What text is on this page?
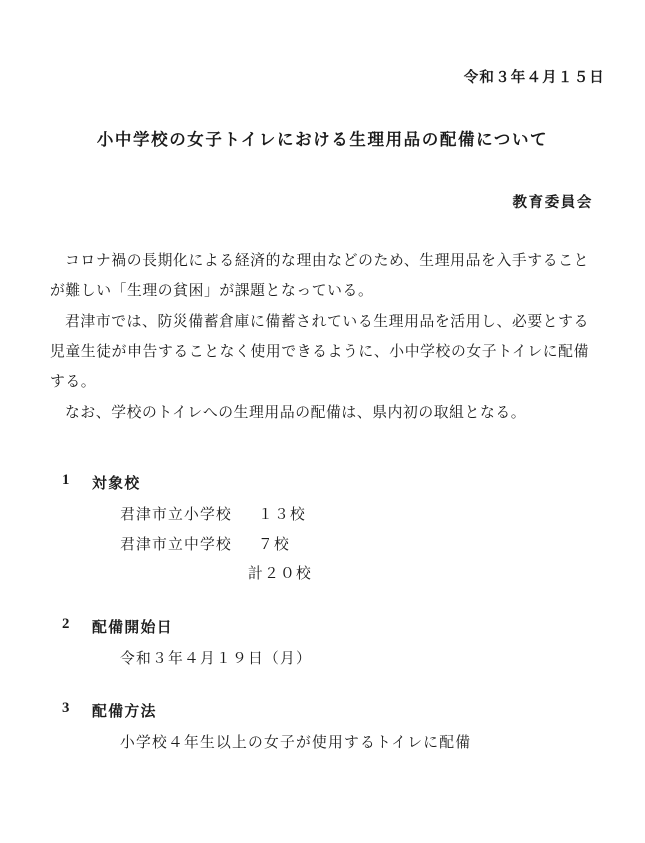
令和３年４月１５日
小中学校の女子トイレにおける生理用品の配備について
教育委員会
コロナ禍の長期化による経済的な理由などのため、生理用品を入手することが難しい「生理の貧困」が課題となっている。
君津市では、防災備蓄倉庫に備蓄されている生理用品を活用し、必要とする児童生徒が申告することなく使用できるように、小中学校の女子トイレに配備する。
なお、学校のトイレへの生理用品の配備は、県内初の取組となる。
1	対象校
君津市立小学校	１３校
君津市立中学校	７校
計２０校
2	配備開始日
令和３年４月１９日（月）
3	配備方法
小学校４年生以上の女子が使用するトイレに配備
